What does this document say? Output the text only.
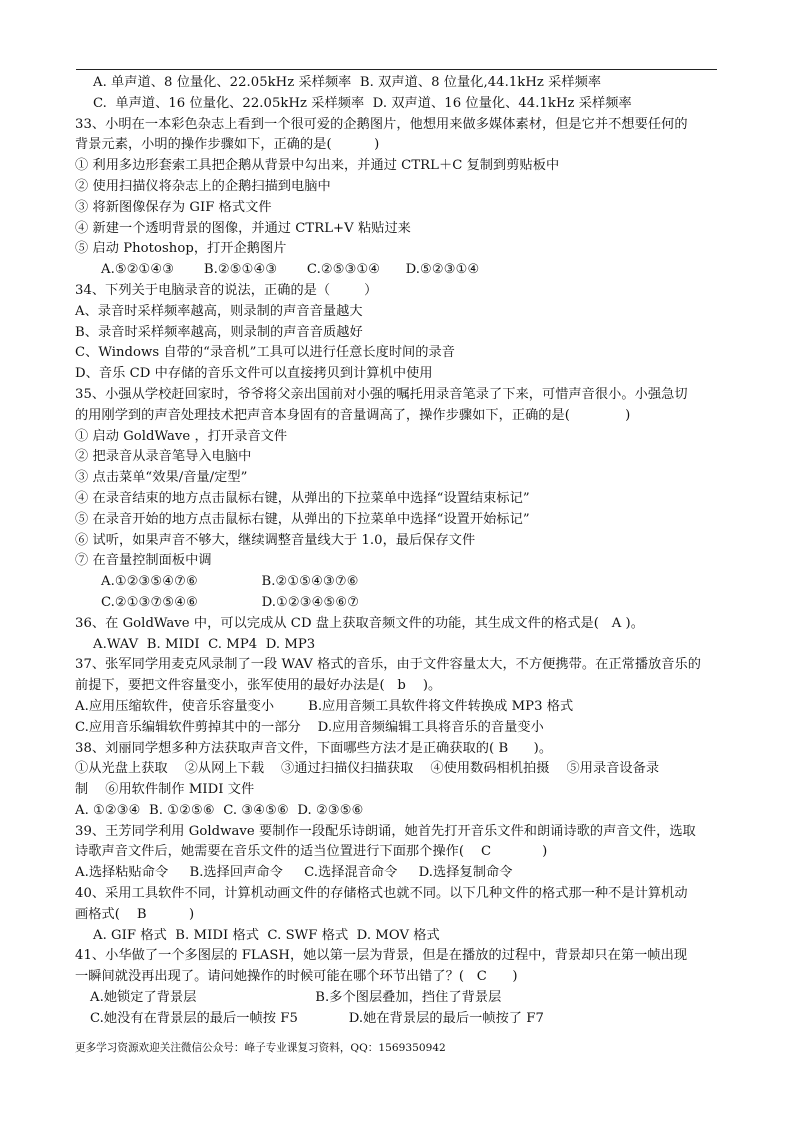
A. 单声道、8 位量化、22.05kHz 采样频率  B. 双声道、8 位量化,44.1kHz 采样频率
C.  单声道、16 位量化、22.05kHz 采样频率  D. 双声道、16 位量化、44.1kHz 采样频率
33、小明在一本彩色杂志上看到一个很可爱的企鹅图片，他想用来做多媒体素材，但是它并不想要任何的
背景元素，小明的操作步骤如下，正确的是(          )
① 利用多边形套索工具把企鹅从背景中勾出来，并通过 CTRL＋C 复制到剪贴板中
② 使用扫描仪将杂志上的企鹅扫描到电脑中
③ 将新图像保存为 GIF 格式文件
④ 新建一个透明背景的图像，并通过 CTRL+V 粘贴过来
⑤ 启动 Photoshop，打开企鹅图片
A.⑤②①④③       B.②⑤①④③       C.②⑤③①④      D.⑤②③①④
34、下列关于电脑录音的说法，正确的是（        ）
A、录音时采样频率越高，则录制的声音音量越大
B、录音时采样频率越高，则录制的声音音质越好
C、Windows 自带的“录音机”工具可以进行任意长度时间的录音
D、音乐 CD 中存储的音乐文件可以直接拷贝到计算机中使用
35、小强从学校赶回家时，爷爷将父亲出国前对小强的嘱托用录音笔录了下来，可惜声音很小。小强急切
的用刚学到的声音处理技术把声音本身固有的音量调高了，操作步骤如下，正确的是(             )
① 启动 GoldWave ，打开录音文件
② 把录音从录音笔导入电脑中
③ 点击菜单“效果/音量/定型”
④ 在录音结束的地方点击鼠标右键，从弹出的下拉菜单中选择“设置结束标记”
⑤ 在录音开始的地方点击鼠标右键，从弹出的下拉菜单中选择“设置开始标记”
⑥ 试听，如果声音不够大，继续调整音量线大于 1.0，最后保存文件
⑦ 在音量控制面板中调
A.①②③⑤④⑦⑥               B.②①⑤④③⑦⑥
C.②①③⑦⑤④⑥               D.①②③④⑤⑥⑦
36、在 GoldWave 中，可以完成从 CD 盘上获取音频文件的功能，其生成文件的格式是(   A )。
A.WAV  B. MIDI  C. MP4  D. MP3
37、张军同学用麦克风录制了一段 WAV 格式的音乐，由于文件容量太大，不方便携带。在正常播放音乐的
前提下，要把文件容量变小，张军使用的最好办法是(   b    )。
A.应用压缩软件，使音乐容量变小        B.应用音频工具软件将文件转换成 MP3 格式
C.应用音乐编辑软件剪掉其中的一部分    D.应用音频编辑工具将音乐的音量变小
38、刘丽同学想多种方法获取声音文件，下面哪些方法才是正确获取的( B      )。
①从光盘上获取    ②从网上下载    ③通过扫描仪扫描获取    ④使用数码相机拍摄    ⑤用录音设备录
制    ⑥用软件制作 MIDI 文件
A. ①②③④  B. ①②⑤⑥  C. ③④⑤⑥  D. ②③⑤⑥
39、王芳同学利用 Goldwave 要制作一段配乐诗朗诵，她首先打开音乐文件和朗诵诗歌的声音文件，选取
诗歌声音文件后，她需要在音乐文件的适当位置进行下面那个操作(    C            )
A.选择粘贴命令     B.选择回声命令     C.选择混音命令     D.选择复制命令
40、采用工具软件不同，计算机动画文件的存储格式也就不同。以下几种文件的格式那一种不是计算机动
画格式(    B          )
A. GIF 格式  B. MIDI 格式  C. SWF 格式  D. MOV 格式
41、小华做了一个多图层的 FLASH，她以第一层为背景，但是在播放的过程中，背景却只在第一帧出现
一瞬间就没再出现了。请问她操作的时候可能在哪个环节出错了？(   C      )
A.她锁定了背景层                            B.多个图层叠加，挡住了背景层
C.她没有在背景层的最后一帧按 F5            D.她在背景层的最后一帧按了 F7
更多学习资源欢迎关注微信公众号：峰子专业课复习资料，QQ：1569350942
